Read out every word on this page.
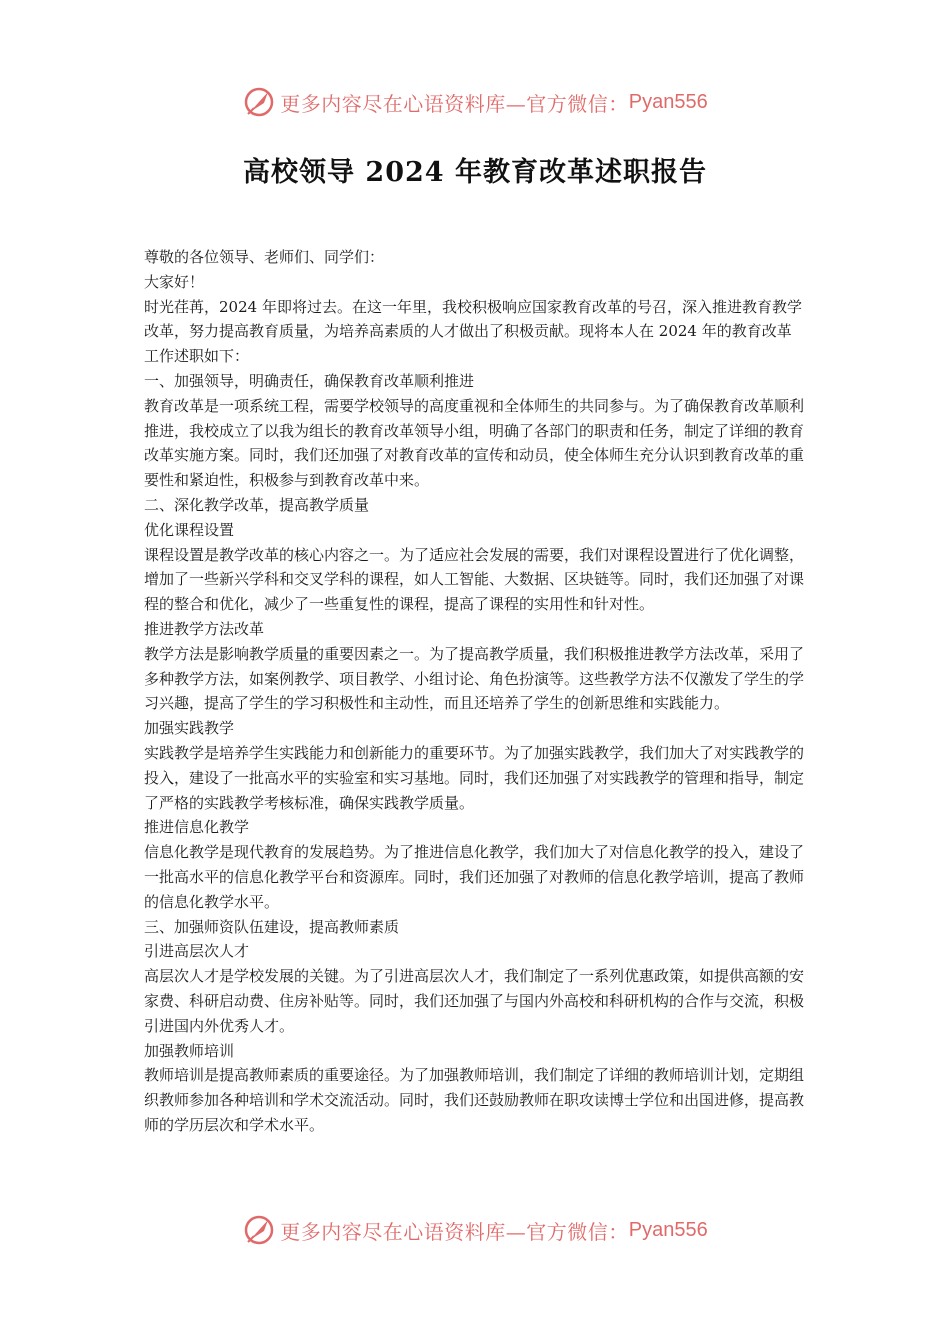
更多内容尽在心语资料库—官方微信： Pyan556
高校领导 2024 年教育改革述职报告

尊敬的各位领导、老师们、同学们：

大家好！

时光荏苒，2024 年即将过去。在这一年里，我校积极响应国家教育改革的号召，深入推进教育教学改革，努力提高教育质量，为培养高素质的人才做出了积极贡献。现将本人在 2024 年的教育改革工作述职如下：

一、加强领导，明确责任，确保教育改革顺利推进

教育改革是一项系统工程，需要学校领导的高度重视和全体师生的共同参与。为了确保教育改革顺利推进，我校成立了以我为组长的教育改革领导小组，明确了各部门的职责和任务，制定了详细的教育改革实施方案。同时，我们还加强了对教育改革的宣传和动员，使全体师生充分认识到教育改革的重要性和紧迫性，积极参与到教育改革中来。

二、深化教学改革，提高教学质量

优化课程设置

课程设置是教学改革的核心内容之一。为了适应社会发展的需要，我们对课程设置进行了优化调整，增加了一些新兴学科和交叉学科的课程，如人工智能、大数据、区块链等。同时，我们还加强了对课程的整合和优化，减少了一些重复性的课程，提高了课程的实用性和针对性。

推进教学方法改革

教学方法是影响教学质量的重要因素之一。为了提高教学质量，我们积极推进教学方法改革，采用了多种教学方法，如案例教学、项目教学、小组讨论、角色扮演等。这些教学方法不仅激发了学生的学习兴趣，提高了学生的学习积极性和主动性，而且还培养了学生的创新思维和实践能力。

加强实践教学

实践教学是培养学生实践能力和创新能力的重要环节。为了加强实践教学，我们加大了对实践教学的投入，建设了一批高水平的实验室和实习基地。同时，我们还加强了对实践教学的管理和指导，制定了严格的实践教学考核标准，确保实践教学质量。

推进信息化教学

信息化教学是现代教育的发展趋势。为了推进信息化教学，我们加大了对信息化教学的投入，建设了一批高水平的信息化教学平台和资源库。同时，我们还加强了对教师的信息化教学培训，提高了教师的信息化教学水平。

三、加强师资队伍建设，提高教师素质

引进高层次人才

高层次人才是学校发展的关键。为了引进高层次人才，我们制定了一系列优惠政策，如提供高额的安家费、科研启动费、住房补贴等。同时，我们还加强了与国内外高校和科研机构的合作与交流，积极引进国内外优秀人才。

加强教师培训

教师培训是提高教师素质的重要途径。为了加强教师培训，我们制定了详细的教师培训计划，定期组织教师参加各种培训和学术交流活动。同时，我们还鼓励教师在职攻读博士学位和出国进修，提高教师的学历层次和学术水平。

更多内容尽在心语资料库—官方微信： Pyan556
